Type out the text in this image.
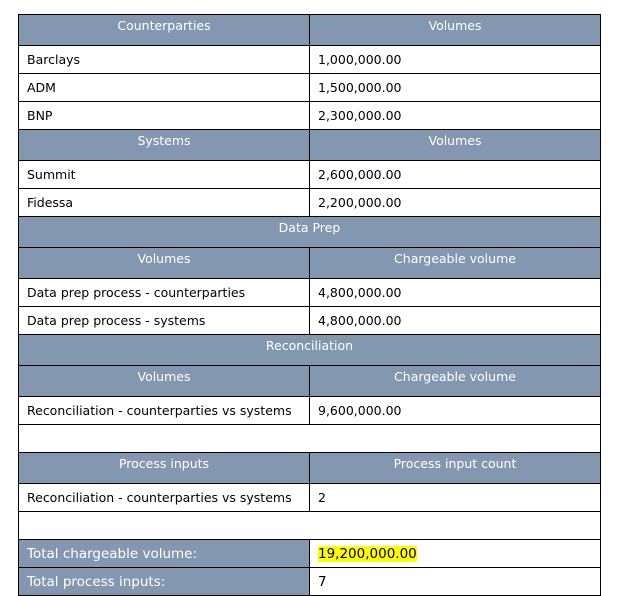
Counterparties	Volumes
Barclays	1,000,000.00
ADM	1,500,000.00
BNP	2,300,000.00
Systems	Volumes
Summit	2,600,000.00
Fidessa	2,200,000.00
Data Prep	
Volumes	Chargeable volume
Data prep process - counterparties	4,800,000.00
Data prep process - systems	4,800,000.00
Reconciliation	
Volumes	Chargeable volume
Reconciliation - counterparties vs systems	9,600,000.00

Process inputs	Process input count
Reconciliation - counterparties vs systems	2

Total chargeable volume:	19,200,000.00
Total process inputs:	7
